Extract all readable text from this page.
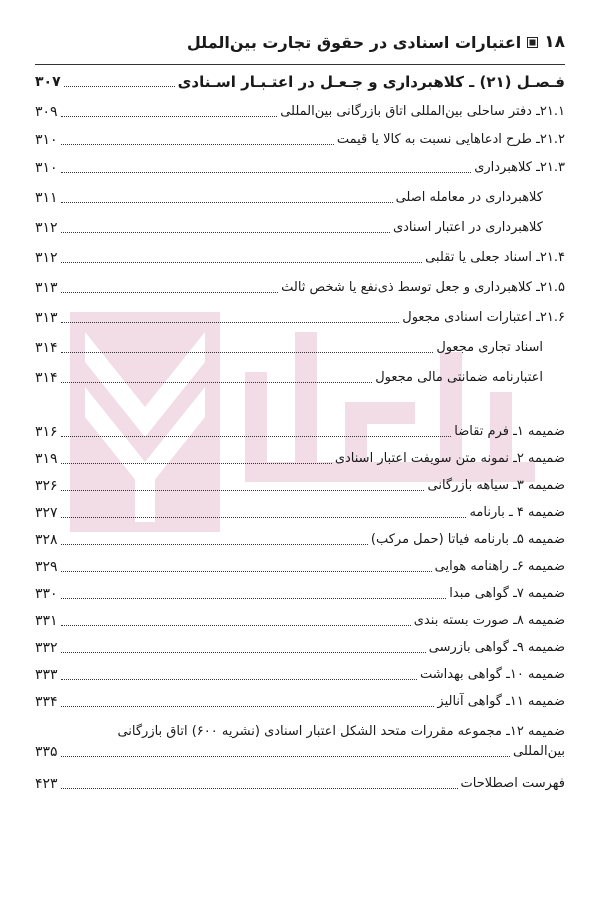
اعتبارات اسنادی در حقوق تجارت بین‌الملل ۱۸
فـصـل (۲۱) ـ کلاهبرداری و جـعـل در اعتـبـار اسـنادی
۳۰۷
۲۱.۱ـ دفتر ساحلی بین‌المللی اتاق بازرگانی بین‌المللی
۳۰۹
۲۱.۲ـ طرح ادعاهایی نسبت به کالا یا قیمت
۳۱۰
۲۱.۳ـ کلاهبرداری
۳۱۰
کلاهبرداری در معامله اصلی
۳۱۱
کلاهبرداری در اعتبار اسنادی
۳۱۲
۲۱.۴ـ اسناد جعلی یا تقلبی
۳۱۲
۲۱.۵ـ کلاهبرداری و جعل توسط ذی‌نفع یا شخص ثالث
۳۱۳
۲۱.۶ـ اعتبارات اسنادی مجعول
۳۱۳
اسناد تجاری مجعول
۳۱۴
اعتبارنامه ضمانتی مالی مجعول
۳۱۴
ضمیمه ۱ـ فرم تقاضا
۳۱۶
ضمیمه ۲ـ نمونه متن سویفت اعتبار اسنادی
۳۱۹
ضمیمه ۳ـ سیاهه بازرگانی
۳۲۶
ضمیمه ۴ ـ بارنامه
۳۲۷
ضمیمه ۵ـ بارنامه فیاتا (حمل مرکب)
۳۲۸
ضمیمه ۶ـ راهنامه هوایی
۳۲۹
ضمیمه ۷ـ گواهی مبدا
۳۳۰
ضمیمه ۸ـ صورت بسته بندی
۳۳۱
ضمیمه ۹ـ گواهی بازرسی
۳۳۲
ضمیمه ۱۰ـ گواهی بهداشت
۳۳۳
ضمیمه ۱۱ـ گواهی آنالیز
۳۳۴
ضمیمه ۱۲ـ مجموعه مقررات متحد الشکل اعتبار اسنادی (نشریه ۶۰۰) اتاق بازرگانی
بین‌المللی
۳۳۵
فهرست اصطلاحات
۴۲۳
